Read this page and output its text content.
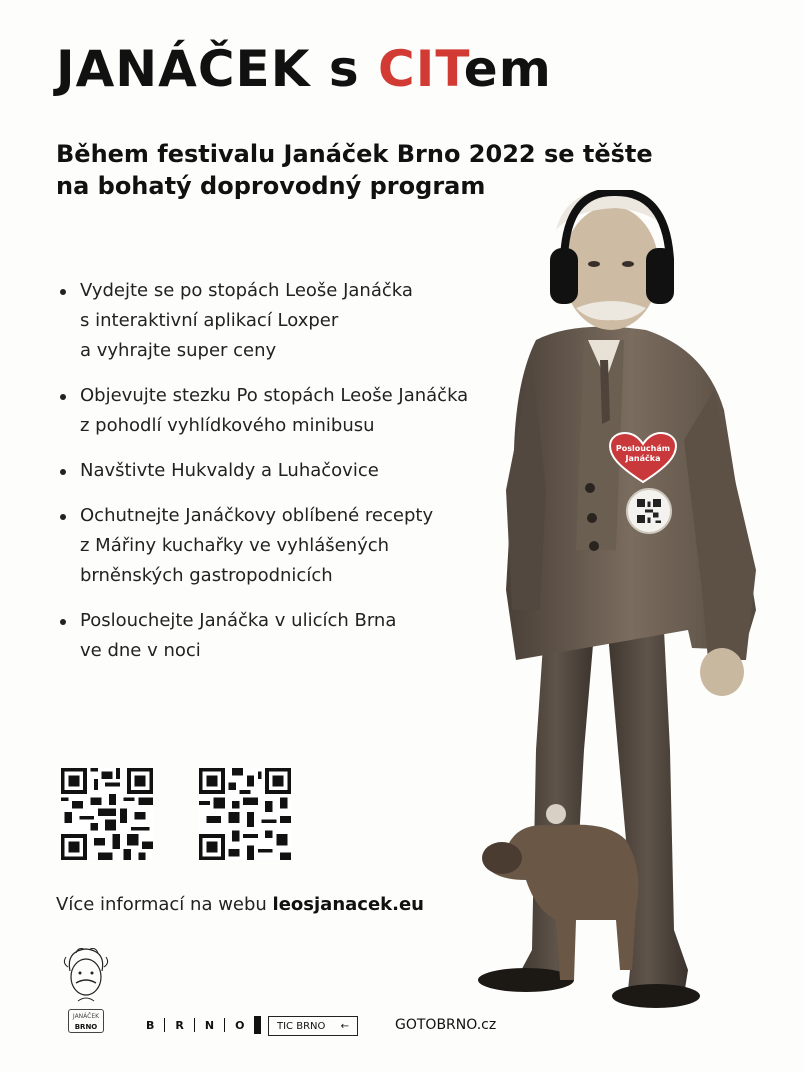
JANÁČEK s CITem
Během festivalu Janáček Brno 2022 se těšte
na bohatý doprovodný program
Vydejte se po stopách Leoše Janáčka
s interaktivní aplikací Loxper
a vyhrajte super ceny
Objevujte stezku Po stopách Leoše Janáčka
z pohodlí vyhlídkového minibusu
Navštivte Hukvaldy a Luhačovice
Ochutnejte Janáčkovy oblíbené recepty
z Mářiny kuchařky ve vyhlášených
brněnských gastropodnicích
Poslouchejte Janáčka v ulicích Brna
ve dne v noci
Více informací na webu leosjanacek.eu
Poslouchám
Janáčka
JANÁČEK
BRNO	B R N O	TIC BRNO ←	GOTOBRNO.cz
